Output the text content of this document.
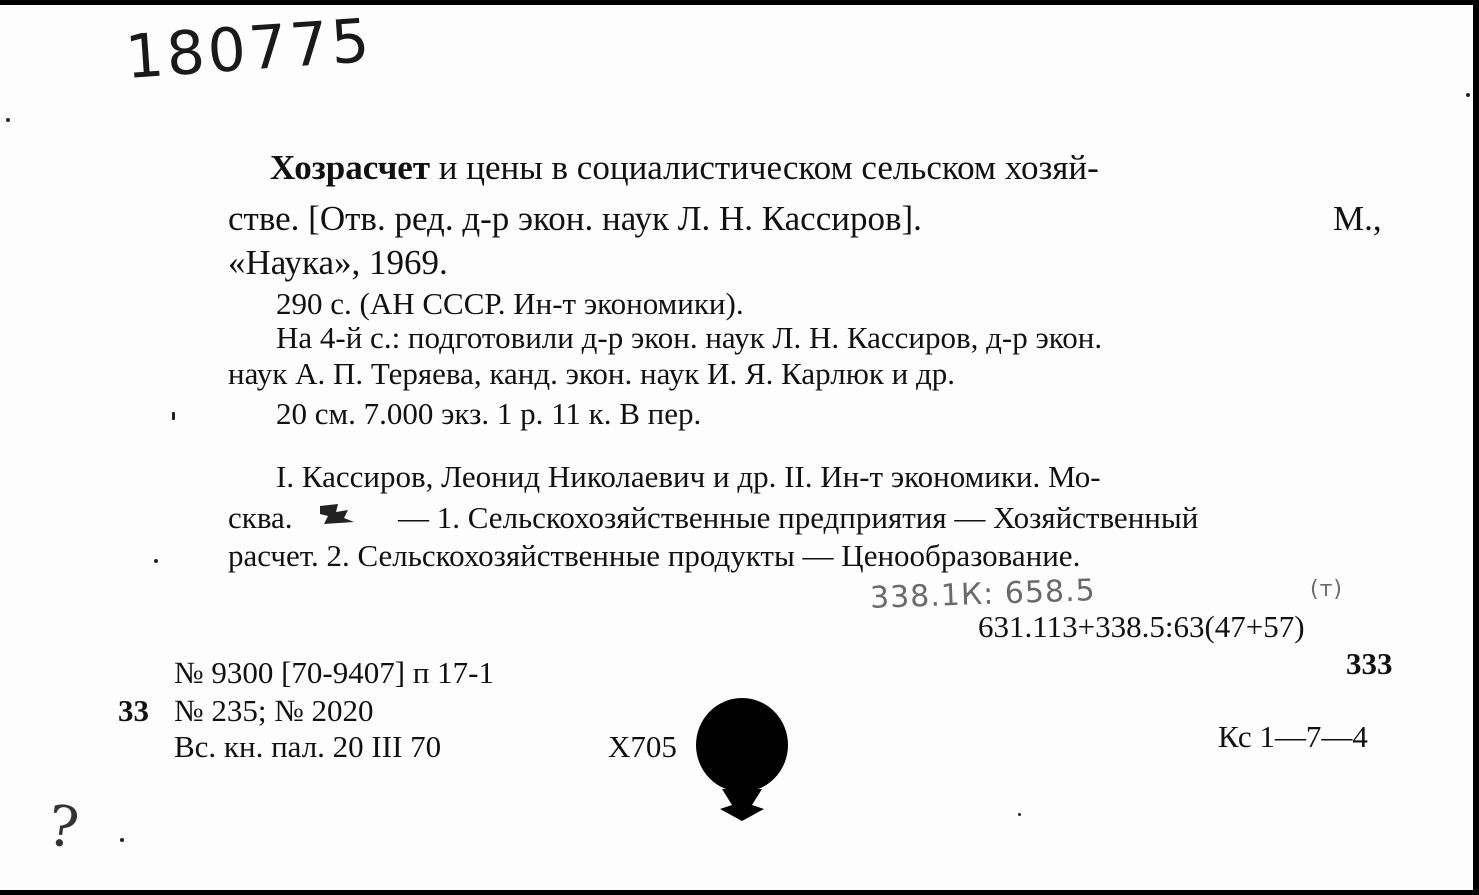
180775
Хозрасчет и цены в социалистическом сельском хозяй-
стве. [Отв. ред. д-р экон. наук Л. Н. Кассиров].	М.,
«Наука», 1969.
290 с. (АН СССР. Ин-т экономики).
На 4-й с.: подготовили д-р экон. наук Л. Н. Кассиров, д-р экон.
наук А. П. Теряева, канд. экон. наук И. Я. Карлюк и др.
20 см. 7.000 экз. 1 р. 11 к. В пер.
I. Кассиров, Леонид Николаевич и др. II. Ин-т экономики. Мо-
сква.	— 1. Сельскохозяйственные предприятия — Хозяйственный
расчет. 2. Сельскохозяйственные продукты — Ценообразование.
338.1К: 658.5	(т)
631.113+338.5:63(47+57)
333
№ 9300 [70-9407] п 17-1
33 № 235; № 2020
Вс. кн. пал. 20 III 70	X705	Кс 1—7—4
?
